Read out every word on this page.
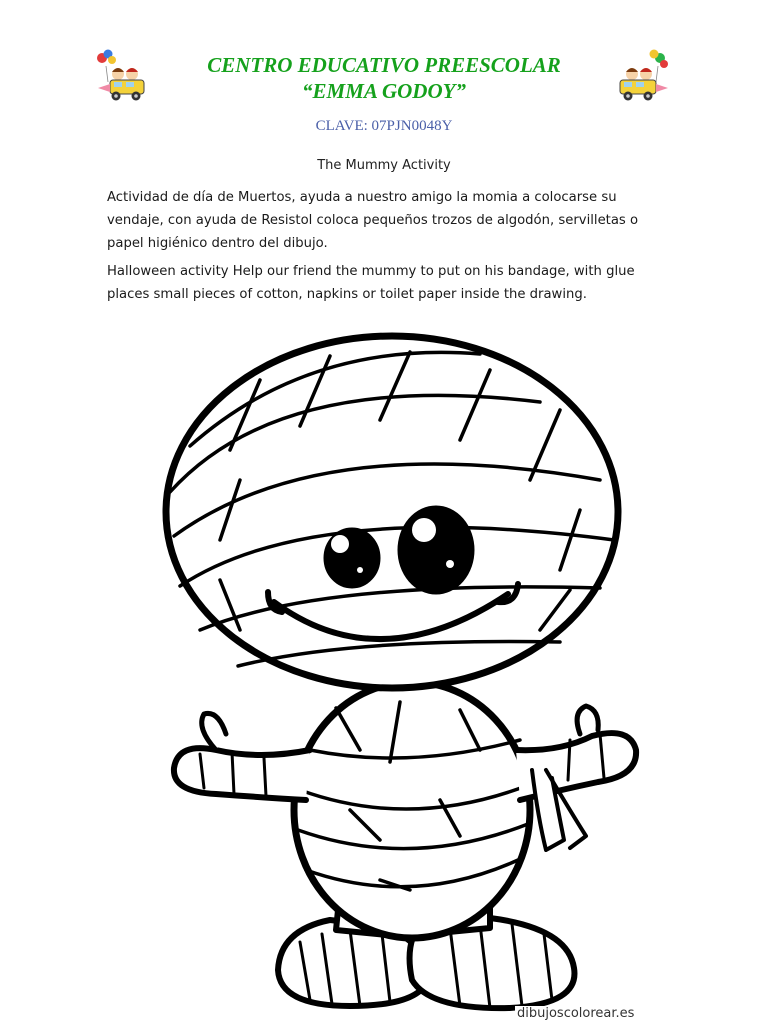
CENTRO EDUCATIVO PREESCOLAR
“EMMA GODOY”
CLAVE: 07PJN0048Y
The Mummy Activity
Actividad de día de Muertos, ayuda a nuestro amigo la momia a colocarse su vendaje, con ayuda de Resistol coloca pequeños trozos de algodón, servilletas o papel higiénico dentro del dibujo.
Halloween activity Help our friend the mummy to put on his bandage, with glue places small pieces of cotton, napkins or toilet paper inside the drawing.
dibujoscolorear.es
